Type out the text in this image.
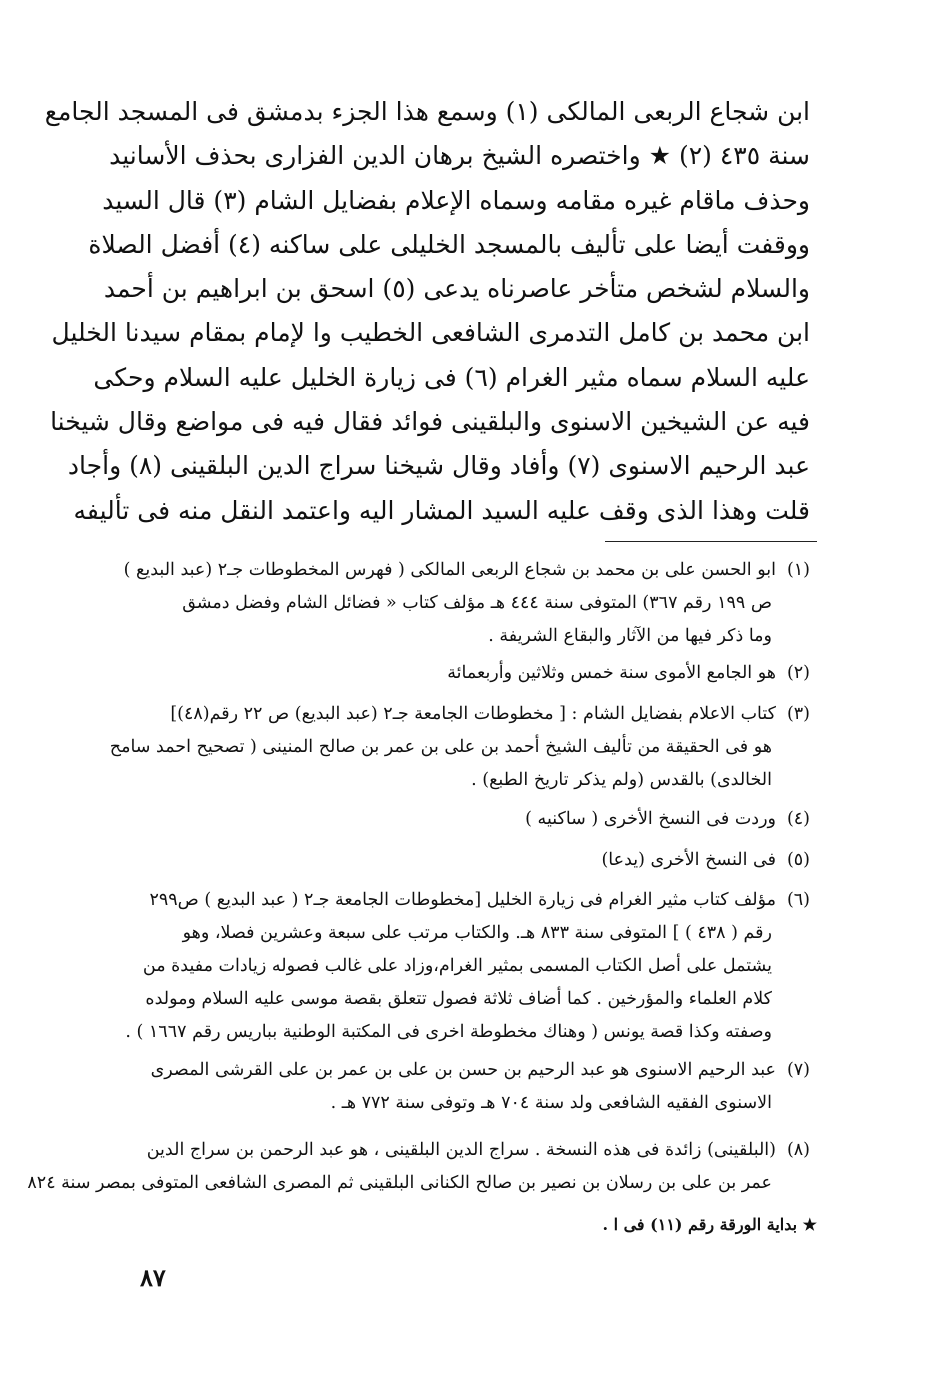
ابن شجاع الربعى المالكى (١) وسمع هذا الجزء بدمشق فى المسجد الجامع
سنة ٤٣٥ (٢) ★ واختصره الشيخ برهان الدين الفزارى بحذف الأسانيد
وحذف ماقام غيره مقامه وسماه الإعلام بفضايل الشام (٣) قال السيد
ووقفت أيضا على تأليف بالمسجد الخليلى على ساكنه (٤) أفضل الصلاة
والسلام لشخص متأخر عاصرناه يدعى (٥) اسحق بن ابراهيم بن أحمد
ابن محمد بن كامل التدمرى الشافعى الخطيب وا لإمام بمقام سيدنا الخليل
عليه السلام سماه مثير الغرام (٦) فى زيارة الخليل عليه السلام وحكى
فيه عن الشيخين الاسنوى والبلقينى فوائد فقال فيه فى مواضع وقال شيخنا
عبد الرحيم الاسنوى (٧) وأفاد وقال شيخنا سراج الدين البلقينى (٨) وأجاد
قلت وهذا الذى وقف عليه السيد المشار اليه واعتمد النقل منه فى تأليفه
(١)ابو الحسن على بن محمد بن شجاع الربعى المالكى ( فهرس المخطوطات جـ٢ (عبد البديع )
ص ١٩٩ رقم ٣٦٧) المتوفى سنة ٤٤٤ هـ مؤلف كتاب « فضائل الشام وفضل دمشق
وما ذكر فيها من الآثار والبقاع الشريفة .
(٢)هو الجامع الأموى سنة خمس وثلاثين وأربعمائة
(٣)كتاب الاعلام بفضايل الشام : [ مخطوطات الجامعة جـ٢ (عبد البديع) ص ٢٢ رقم(٤٨)]
هو فى الحقيقة من تأليف الشيخ أحمد بن على بن عمر بن صالح المنينى ( تصحيح احمد سامح
الخالدى) بالقدس (ولم يذكر تاريخ الطبع) .
(٤)وردت فى النسخ الأخرى ( ساكنيه )
(٥)فى النسخ الأخرى (يدعا)
(٦)مؤلف كتاب مثير الغرام فى زيارة الخليل [مخطوطات الجامعة جـ٢ ( عبد البديع ) ص٢٩٩
رقم ( ٤٣٨ ) ] المتوفى سنة ٨٣٣ هـ. والكتاب مرتب على سبعة وعشرين فصلا، وهو
يشتمل على أصل الكتاب المسمى بمثير الغرام،وزاد على غالب فصوله زيادات مفيدة من
كلام العلماء والمؤرخين . كما أضاف ثلاثة فصول تتعلق بقصة موسى عليه السلام ومولده
وصفته وكذا قصة يونس ( وهناك مخطوطة اخرى فى المكتبة الوطنية بباريس رقم ١٦٦٧ ) .
(٧)عبد الرحيم الاسنوى هو عبد الرحيم بن حسن بن على بن عمر بن على القرشى المصرى
الاسنوى الفقيه الشافعى ولد سنة ٧٠٤ هـ وتوفى سنة ٧٧٢ هـ .
(٨)(البلقينى) زائدة فى هذه النسخة . سراج الدين البلقينى ، هو عبد الرحمن بن سراج الدين
عمر بن على بن رسلان بن نصير بن صالح الكنانى البلقينى ثم المصرى الشافعى المتوفى بمصر سنة ٨٢٤
★ بداية الورقة رقم (١١) فى ا .
٨٧
